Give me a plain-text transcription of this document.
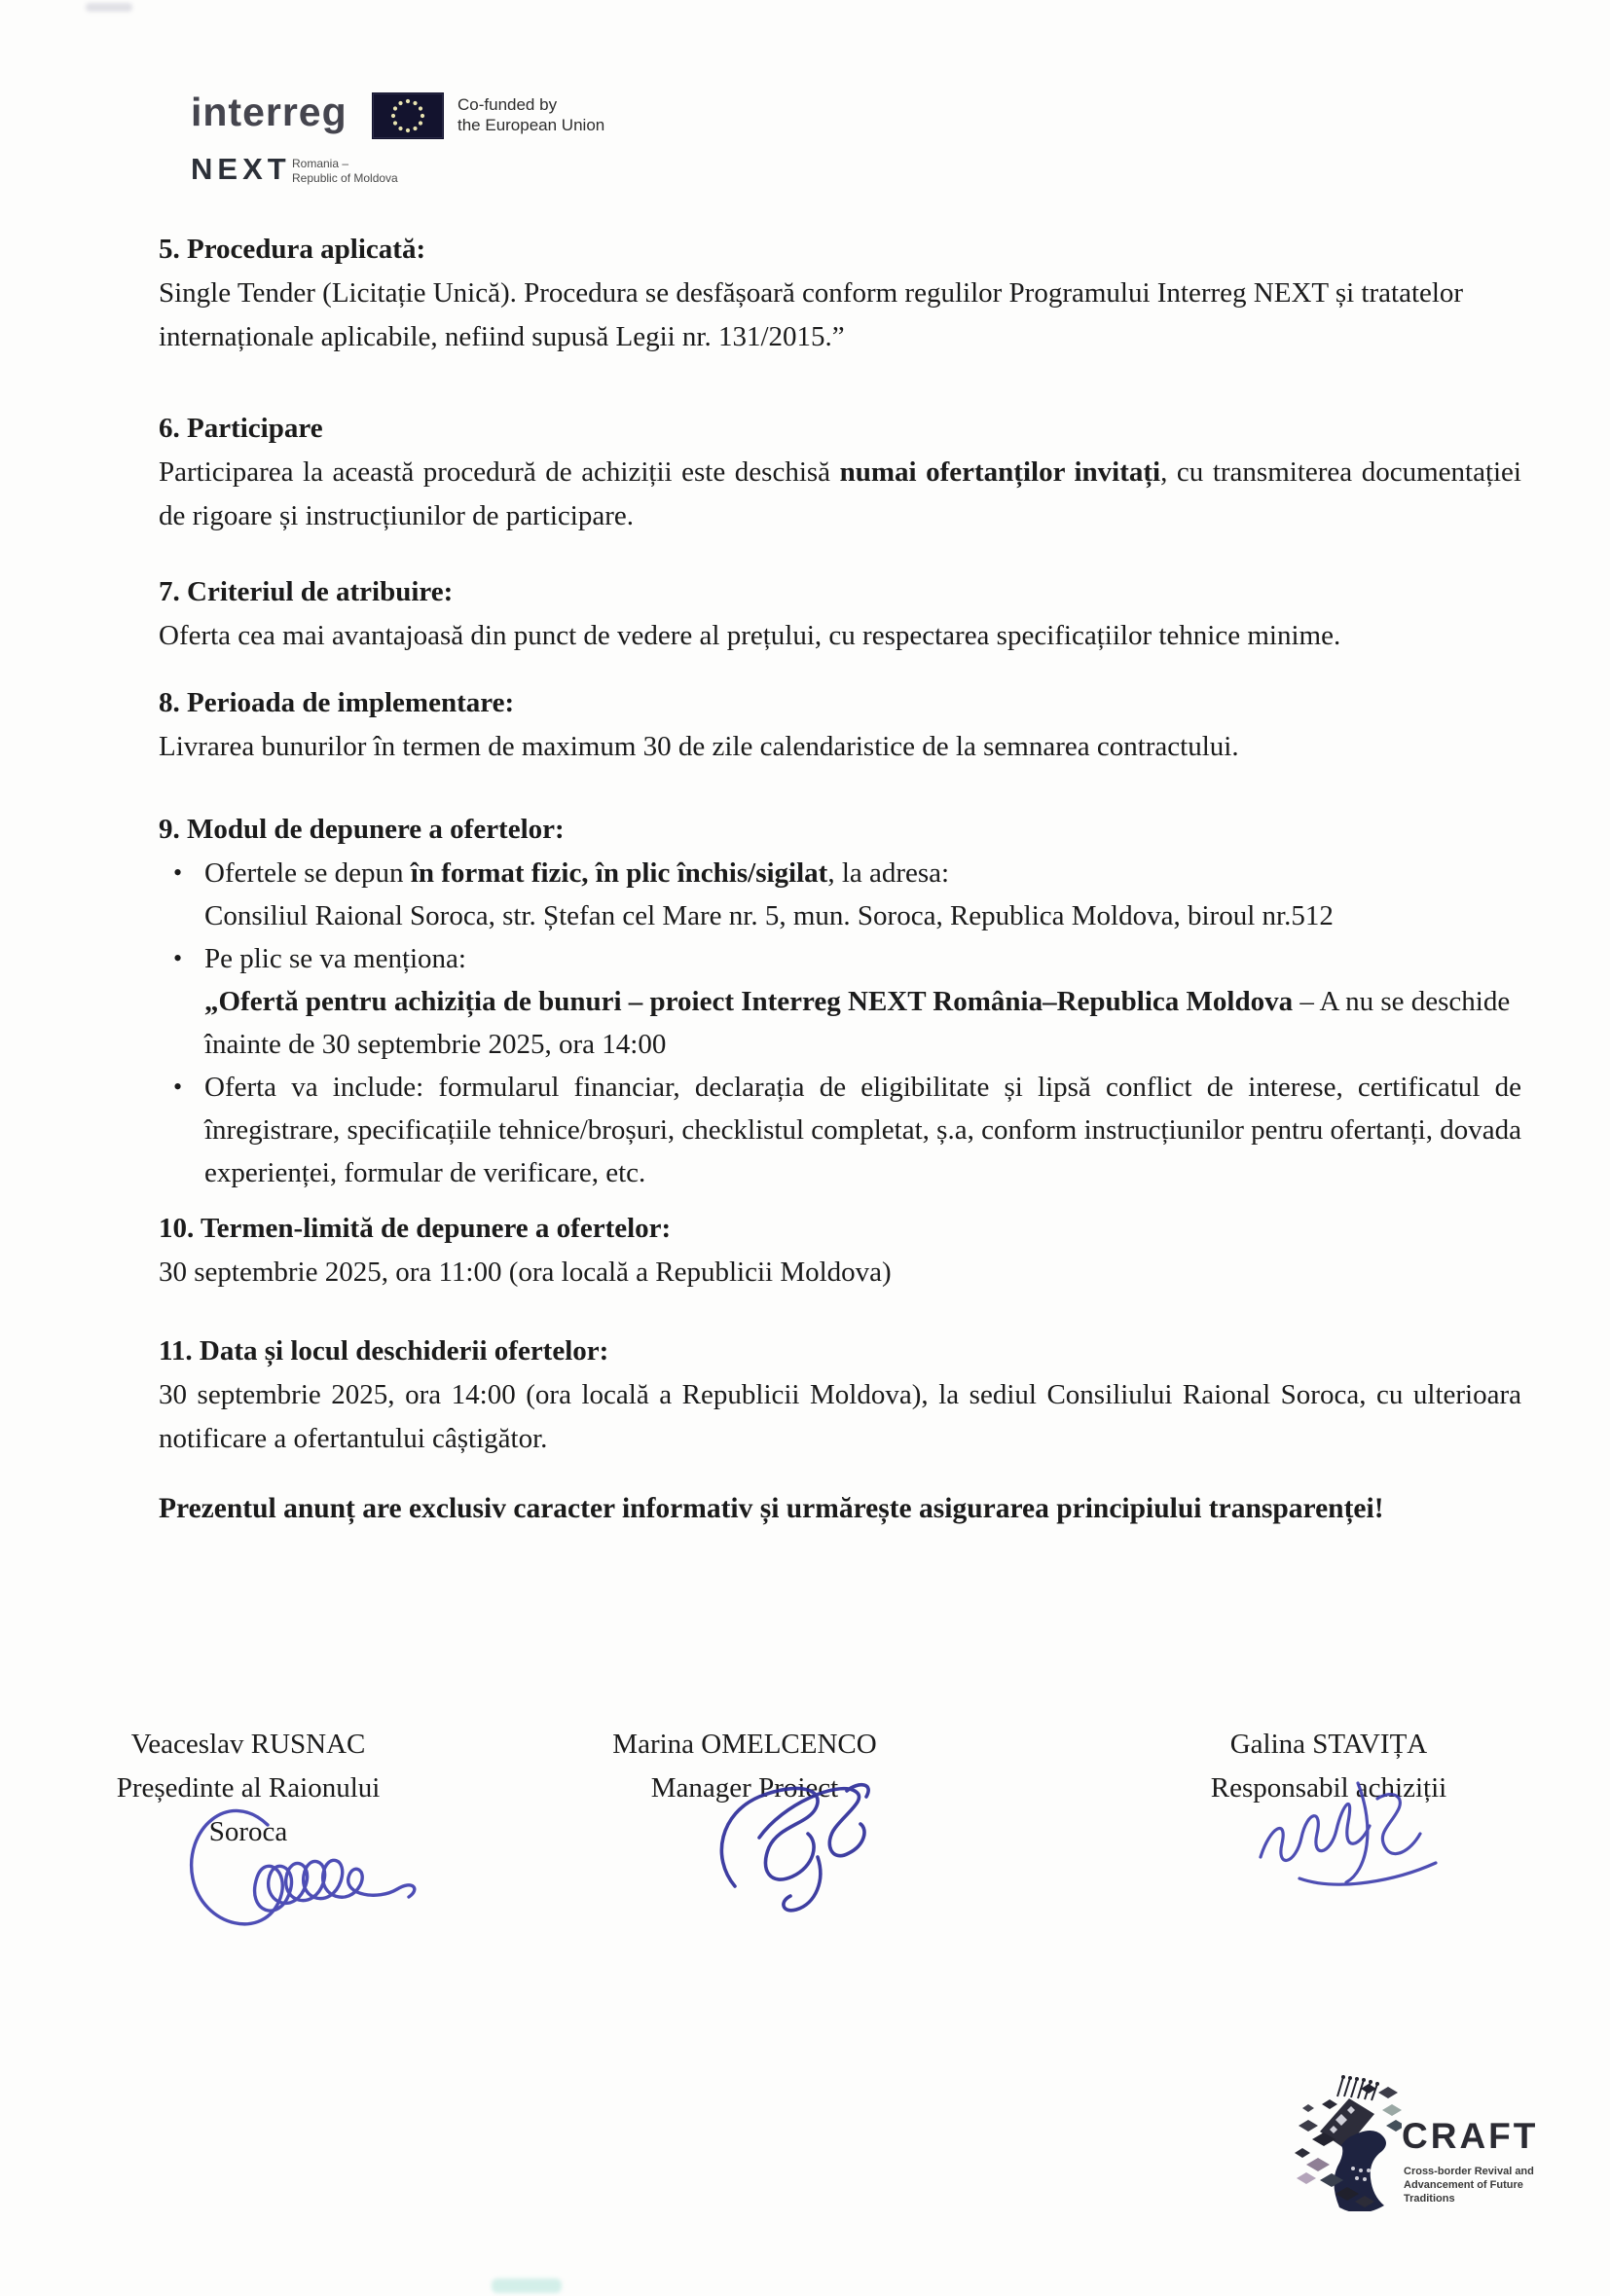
interreg	Co-funded by
the European Union
NEXT Romania –
Republic of Moldova
5. Procedura aplicată:

Single Tender (Licitație Unică). Procedura se desfășoară conform regulilor Programului Interreg NEXT și tratatelor internaționale aplicabile, nefiind supusă Legii nr. 131/2015.”

6. Participare

Participarea la această procedură de achiziții este deschisă numai ofertanților invitați, cu transmiterea documentației de rigoare și instrucțiunilor de participare.

7. Criteriul de atribuire:

Oferta cea mai avantajoasă din punct de vedere al prețului, cu respectarea specificațiilor tehnice minime.

8. Perioada de implementare:

Livrarea bunurilor în termen de maximum 30 de zile calendaristice de la semnarea contractului.

9. Modul de depunere a ofertelor:
• Ofertele se depun în format fizic, în plic închis/sigilat, la adresa:
Consiliul Raional Soroca, str. Ștefan cel Mare nr. 5, mun. Soroca, Republica Moldova, biroul nr.512
• Pe plic se va menționa:
„Ofertă pentru achiziția de bunuri – proiect Interreg NEXT România–Republica Moldova – A nu se deschide înainte de 30 septembrie 2025, ora 14:00
• Oferta va include: formularul financiar, declarația de eligibilitate și lipsă conflict de interese, certificatul de înregistrare, specificațiile tehnice/broșuri, checklistul completat, ș.a, conform instrucțiunilor pentru ofertanți, dovada experienței, formular de verificare, etc.
10. Termen-limită de depunere a ofertelor:

30 septembrie 2025, ora 11:00 (ora locală a Republicii Moldova)

11. Data și locul deschiderii ofertelor:

30 septembrie 2025, ora 14:00 (ora locală a Republicii Moldova), la sediul Consiliului Raional Soroca, cu ulterioara notificare a ofertantului câștigător.

Prezentul anunț are exclusiv caracter informativ și urmărește asigurarea principiului transparenței!
Veaceslav RUSNAC
Președinte al Raionului Soroca
Marina OMELCENCO
Manager Proiect
Galina STAVIȚA
Responsabil achiziții
CRAFT
Cross-border Revival and
Advancement of Future Traditions
